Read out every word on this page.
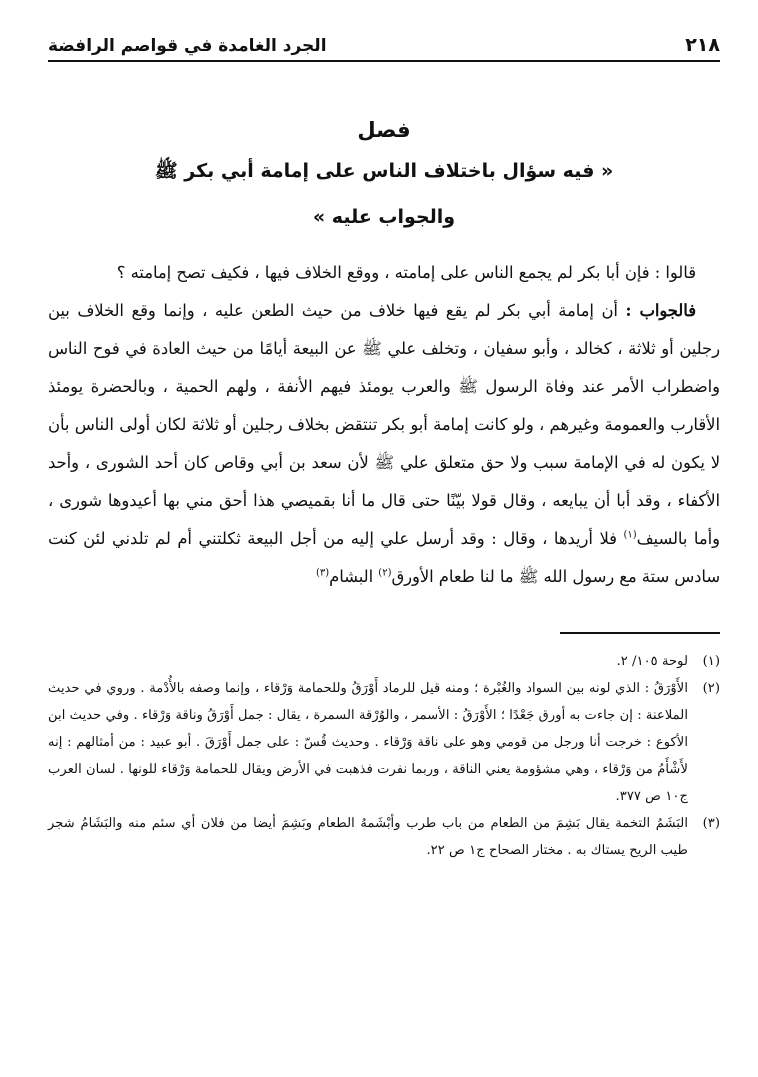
٢١٨
الجرد الغامدة في قواصم الرافضة
فصل
« فيه سؤال باختلاف الناس على إمامة أبي بكر ﷺ
والجواب عليه »

قالوا : فإن أبا بكر لم يجمع الناس على إمامته ، ووقع الخلاف فيها ، فكيف تصح إمامته ؟

فالجواب : أن إمامة أبي بكر لم يقع فيها خلاف من حيث الطعن عليه ، وإنما وقع الخلاف بين رجلين أو ثلاثة ، كخالد ، وأبو سفيان ، وتخلف علي ﷺ عن البيعة أيامًا من حيث العادة في فوح الناس واضطراب الأمر عند وفاة الرسول ﷺ والعرب يومئذ فيهم الأنفة ، ولهم الحمية ، وبالحضرة يومئذ الأقارب والعمومة وغيرهم ، ولو كانت إمامة أبو بكر تنتقض بخلاف رجلين أو ثلاثة لكان أولى الناس بأن لا يكون له في الإمامة سبب ولا حق متعلق علي ﷺ لأن سعد بن أبي وقاص كان أحد الشورى ، وأحد الأكفاء ، وقد أبا أن يبايعه ، وقال قولا بيّنًا حتى قال ما أنا بقميصي هذا أحق مني بها أعيدوها شورى ، وأما بالسيف$^{(١)}$ فلا أريدها ، وقال : وقد أرسل علي إليه من أجل البيعة ثكلتني أم لم تلدني لئن كنت سادس ستة مع رسول الله ﷺ ما لنا طعام الأورق$^{(٢)}$ البشام$^{(٣)}$

(١)
لوحة ١٠٥/ ٢.
(٢)
الأَوْرَقُ : الذي لونه بين السواد والغُبْرة ؛ ومنه قيل للرماد أَوْرَقُ وللحمامة وَرْقاء ، وإنما وصفه بالأُدْمة . وروي في حديث الملاعنة : إن جاءت به أورق جَعْدًا ؛ الأَوْرَقُ : الأسمر ، والوُرْقة السمرة ، يقال : جمل أَوْرَقُ وناقة وَرْقاء . وفي حديث ابن الأكوع : خرجت أنا ورجل من قومي وهو على ناقة وَرْقاء . وحديث قُسّ : على جمل أَوْرَقَ . أبو عبيد : من أمثالهم : إنه لأَشْأَمُ من وَرْقاء ، وهي مشؤومة يعني الناقة ، وربما نفرت فذهبت في الأرض ويقال للحمامة وَرْقاء للونها . لسان العرب ج١٠ ص ٣٧٧.
(٣)
البَشَمُ التخمة يقال بَشِمَ من الطعام من باب طرب وأبْشَمهُ الطعام وبَشِمَ أيضا من فلان أي سئم منه والبَشَامُ شجر طيب الريح يستاك به . مختار الصحاح ج١ ص ٢٢.
